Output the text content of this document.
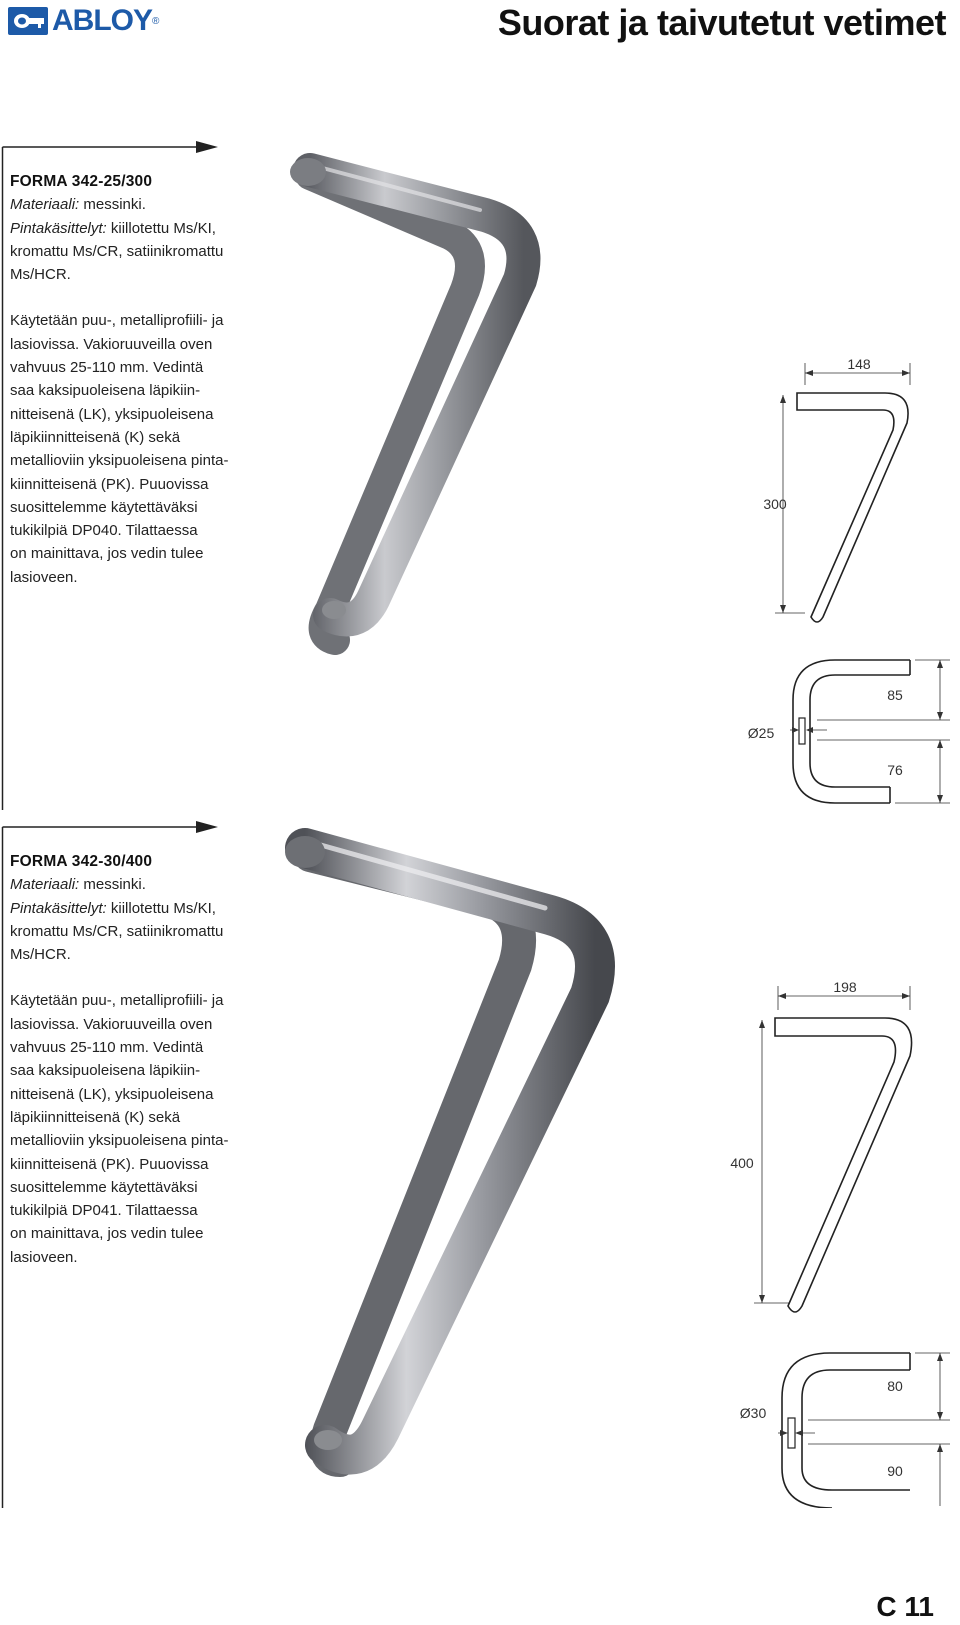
ABLOY ®	Suorat ja taivutetut vetimet

FORMA 342-25/300

Materiaali: messinki.

Pintakäsittelyt: kiillotettu Ms/KI, kromattu Ms/CR, satiinikromattu Ms/HCR.

Käytetään puu-, metalliprofiili- ja

lasiovissa. Vakioruuveilla oven

vahvuus 25-110 mm. Vedintä

saa kaksipuoleisena läpikiin-

nitteisenä (LK), yksipuoleisena

läpikiinnitteisenä (K) sekä

metallioviin yksipuoleisena pinta-

kiinnitteisenä (PK). Puuovissa

suosittelemme käytettäväksi

tukikilpiä DP040. Tilattaessa

on mainittava, jos vedin tulee

lasioveen.

148
300
85
76
Ø25

FORMA 342-30/400

Materiaali: messinki.

Pintakäsittelyt: kiillotettu Ms/KI, kromattu Ms/CR, satiinikromattu Ms/HCR.

Käytetään puu-, metalliprofiili- ja

lasiovissa. Vakioruuveilla oven

vahvuus 25-110 mm. Vedintä

saa kaksipuoleisena läpikiin-

nitteisenä (LK), yksipuoleisena

läpikiinnitteisenä (K) sekä

metallioviin yksipuoleisena pinta-

kiinnitteisenä (PK). Puuovissa

suosittelemme käytettäväksi

tukikilpiä DP041. Tilattaessa

on mainittava, jos vedin tulee

lasioveen.

198
400
80
90
Ø30

C 11
